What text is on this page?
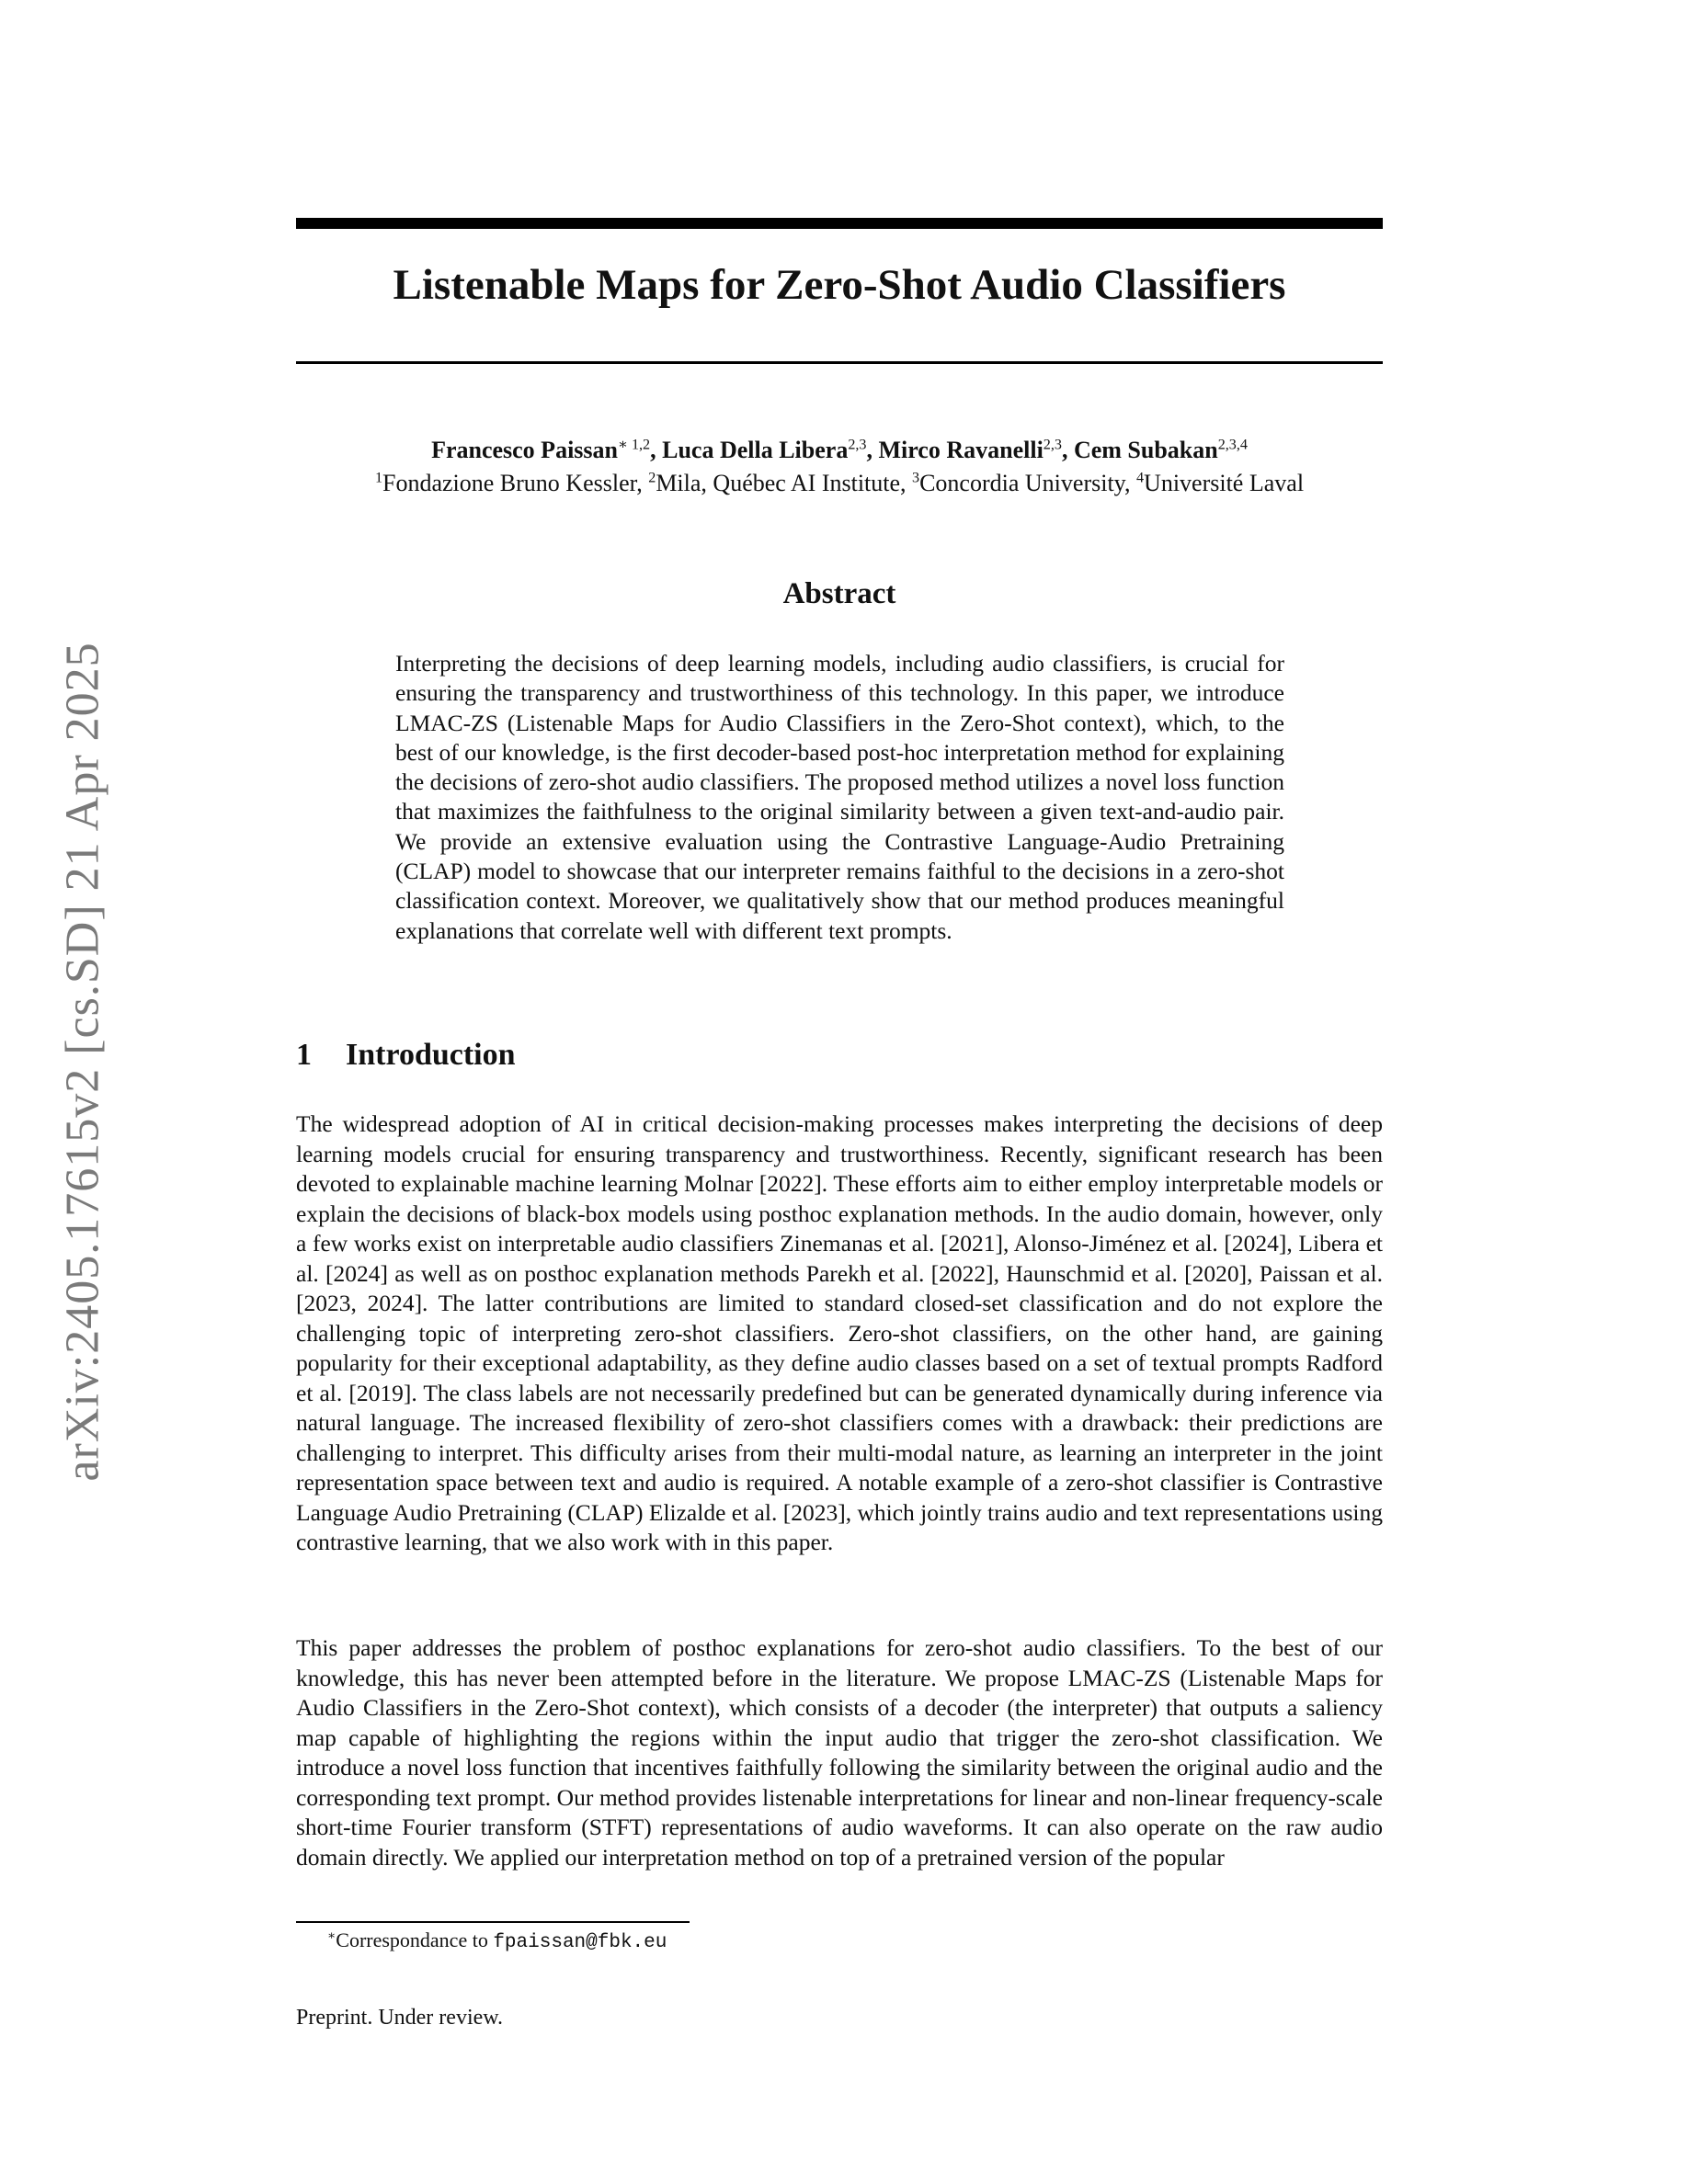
arXiv:2405.17615v2 [cs.SD] 21 Apr 2025
Listenable Maps for Zero-Shot Audio Classifiers
Francesco Paissan$^{∗ 1,2}$, Luca Della Libera$^{2,3}$, Mirco Ravanelli$^{2,3}$, Cem Subakan$^{2,3,4}$
$^1$Fondazione Bruno Kessler, $^2$Mila, Québec AI Institute, $^3$Concordia University, $^4$Université Laval
Abstract

Interpreting the decisions of deep learning models, including audio classifiers, is crucial for ensuring the transparency and trustworthiness of this technology. In this paper, we introduce LMAC-ZS (Listenable Maps for Audio Classifiers in the Zero-Shot context), which, to the best of our knowledge, is the first decoder-based post-hoc interpretation method for explaining the decisions of zero-shot audio classifiers. The proposed method utilizes a novel loss function that maximizes the faithfulness to the original similarity between a given text-and-audio pair. We provide an extensive evaluation using the Contrastive Language-Audio Pretraining (CLAP) model to showcase that our interpreter remains faithful to the decisions in a zero-shot classification context. Moreover, we qualitatively show that our method produces meaningful explanations that correlate well with different text prompts.

1 Introduction

The widespread adoption of AI in critical decision-making processes makes interpreting the decisions of deep learning models crucial for ensuring transparency and trustworthiness. Recently, significant research has been devoted to explainable machine learning Molnar [2022]. These efforts aim to either employ interpretable models or explain the decisions of black-box models using posthoc explanation methods. In the audio domain, however, only a few works exist on interpretable audio classifiers Zinemanas et al. [2021], Alonso-Jiménez et al. [2024], Libera et al. [2024] as well as on posthoc explanation methods Parekh et al. [2022], Haunschmid et al. [2020], Paissan et al. [2023, 2024]. The latter contributions are limited to standard closed-set classification and do not explore the challenging topic of interpreting zero-shot classifiers. Zero-shot classifiers, on the other hand, are gaining popularity for their exceptional adaptability, as they define audio classes based on a set of textual prompts Radford et al. [2019]. The class labels are not necessarily predefined but can be generated dynamically during inference via natural language. The increased flexibility of zero-shot classifiers comes with a drawback: their predictions are challenging to interpret. This difficulty arises from their multi-modal nature, as learning an interpreter in the joint representation space between text and audio is required. A notable example of a zero-shot classifier is Contrastive Language Audio Pretraining (CLAP) Elizalde et al. [2023], which jointly trains audio and text representations using contrastive learning, that we also work with in this paper.

This paper addresses the problem of posthoc explanations for zero-shot audio classifiers. To the best of our knowledge, this has never been attempted before in the literature. We propose LMAC-ZS (Listenable Maps for Audio Classifiers in the Zero-Shot context), which consists of a decoder (the interpreter) that outputs a saliency map capable of highlighting the regions within the input audio that trigger the zero-shot classification. We introduce a novel loss function that incentives faithfully following the similarity between the original audio and the corresponding text prompt. Our method provides listenable interpretations for linear and non-linear frequency-scale short-time Fourier transform (STFT) representations of audio waveforms. It can also operate on the raw audio domain directly. We applied our interpretation method on top of a pretrained version of the popular

∗Correspondance to fpaissan@fbk.eu
Preprint. Under review.
